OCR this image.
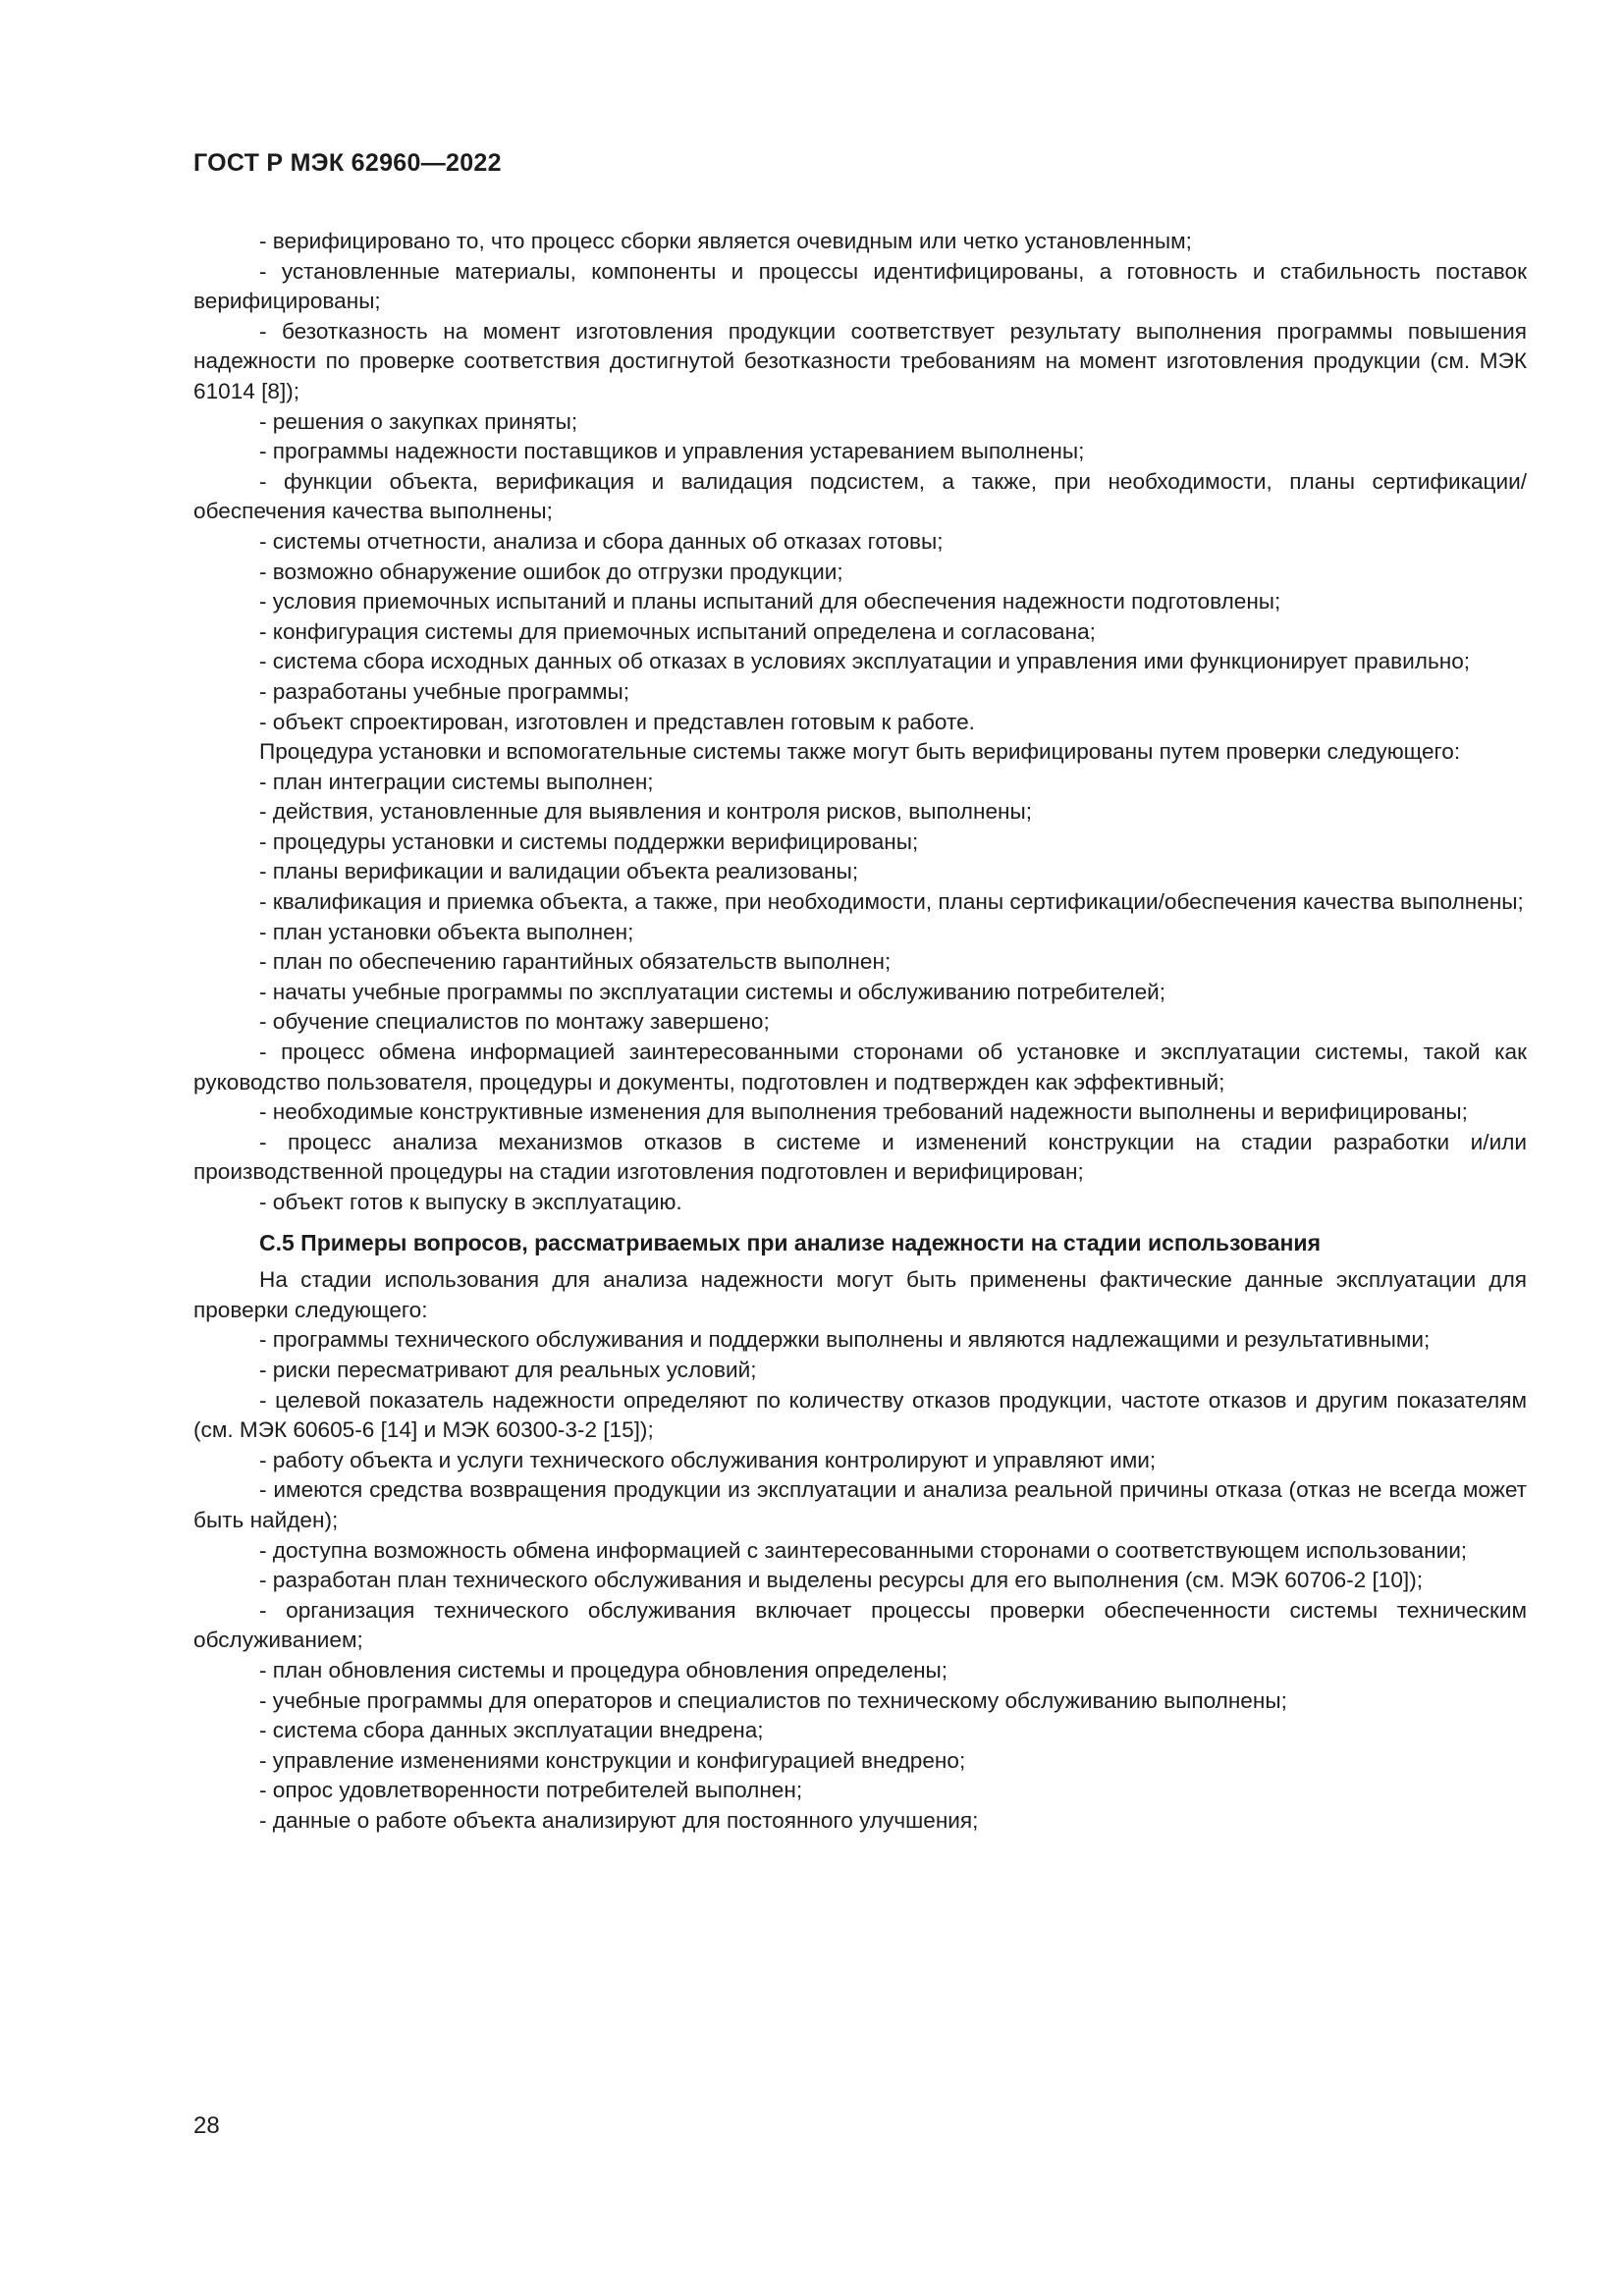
ГОСТ Р МЭК 62960—2022

- верифицировано то, что процесс сборки является очевидным или четко установленным;

- установленные материалы, компоненты и процессы идентифицированы, а готовность и стабильность поставок верифицированы;

- безотказность на момент изготовления продукции соответствует результату выполнения программы повышения надежности по проверке соответствия достигнутой безотказности требованиям на момент изготовления продукции (см. МЭК 61014 [8]);

- решения о закупках приняты;

- программы надежности поставщиков и управления устареванием выполнены;

- функции объекта, верификация и валидация подсистем, а также, при необходимости, планы сертификации/обеспечения качества выполнены;

- системы отчетности, анализа и сбора данных об отказах готовы;

- возможно обнаружение ошибок до отгрузки продукции;

- условия приемочных испытаний и планы испытаний для обеспечения надежности подготовлены;

- конфигурация системы для приемочных испытаний определена и согласована;

- система сбора исходных данных об отказах в условиях эксплуатации и управления ими функционирует правильно;

- разработаны учебные программы;

- объект спроектирован, изготовлен и представлен готовым к работе.

Процедура установки и вспомогательные системы также могут быть верифицированы путем проверки следующего:

- план интеграции системы выполнен;

- действия, установленные для выявления и контроля рисков, выполнены;

- процедуры установки и системы поддержки верифицированы;

- планы верификации и валидации объекта реализованы;

- квалификация и приемка объекта, а также, при необходимости, планы сертификации/обеспечения качества выполнены;

- план установки объекта выполнен;

- план по обеспечению гарантийных обязательств выполнен;

- начаты учебные программы по эксплуатации системы и обслуживанию потребителей;

- обучение специалистов по монтажу завершено;

- процесс обмена информацией заинтересованными сторонами об установке и эксплуатации системы, такой как руководство пользователя, процедуры и документы, подготовлен и подтвержден как эффективный;

- необходимые конструктивные изменения для выполнения требований надежности выполнены и верифицированы;

- процесс анализа механизмов отказов в системе и изменений конструкции на стадии разработки и/или производственной процедуры на стадии изготовления подготовлен и верифицирован;

- объект готов к выпуску в эксплуатацию.

С.5 Примеры вопросов, рассматриваемых при анализе надежности на стадии использования

На стадии использования для анализа надежности могут быть применены фактические данные эксплуатации для проверки следующего:

- программы технического обслуживания и поддержки выполнены и являются надлежащими и результативными;

- риски пересматривают для реальных условий;

- целевой показатель надежности определяют по количеству отказов продукции, частоте отказов и другим показателям (см. МЭК 60605-6 [14] и МЭК 60300-3-2 [15]);

- работу объекта и услуги технического обслуживания контролируют и управляют ими;

- имеются средства возвращения продукции из эксплуатации и анализа реальной причины отказа (отказ не всегда может быть найден);

- доступна возможность обмена информацией с заинтересованными сторонами о соответствующем использовании;

- разработан план технического обслуживания и выделены ресурсы для его выполнения (см. МЭК 60706-2 [10]);

- организация технического обслуживания включает процессы проверки обеспеченности системы техническим обслуживанием;

- план обновления системы и процедура обновления определены;

- учебные программы для операторов и специалистов по техническому обслуживанию выполнены;

- система сбора данных эксплуатации внедрена;

- управление изменениями конструкции и конфигурацией внедрено;

- опрос удовлетворенности потребителей выполнен;

- данные о работе объекта анализируют для постоянного улучшения;

28
